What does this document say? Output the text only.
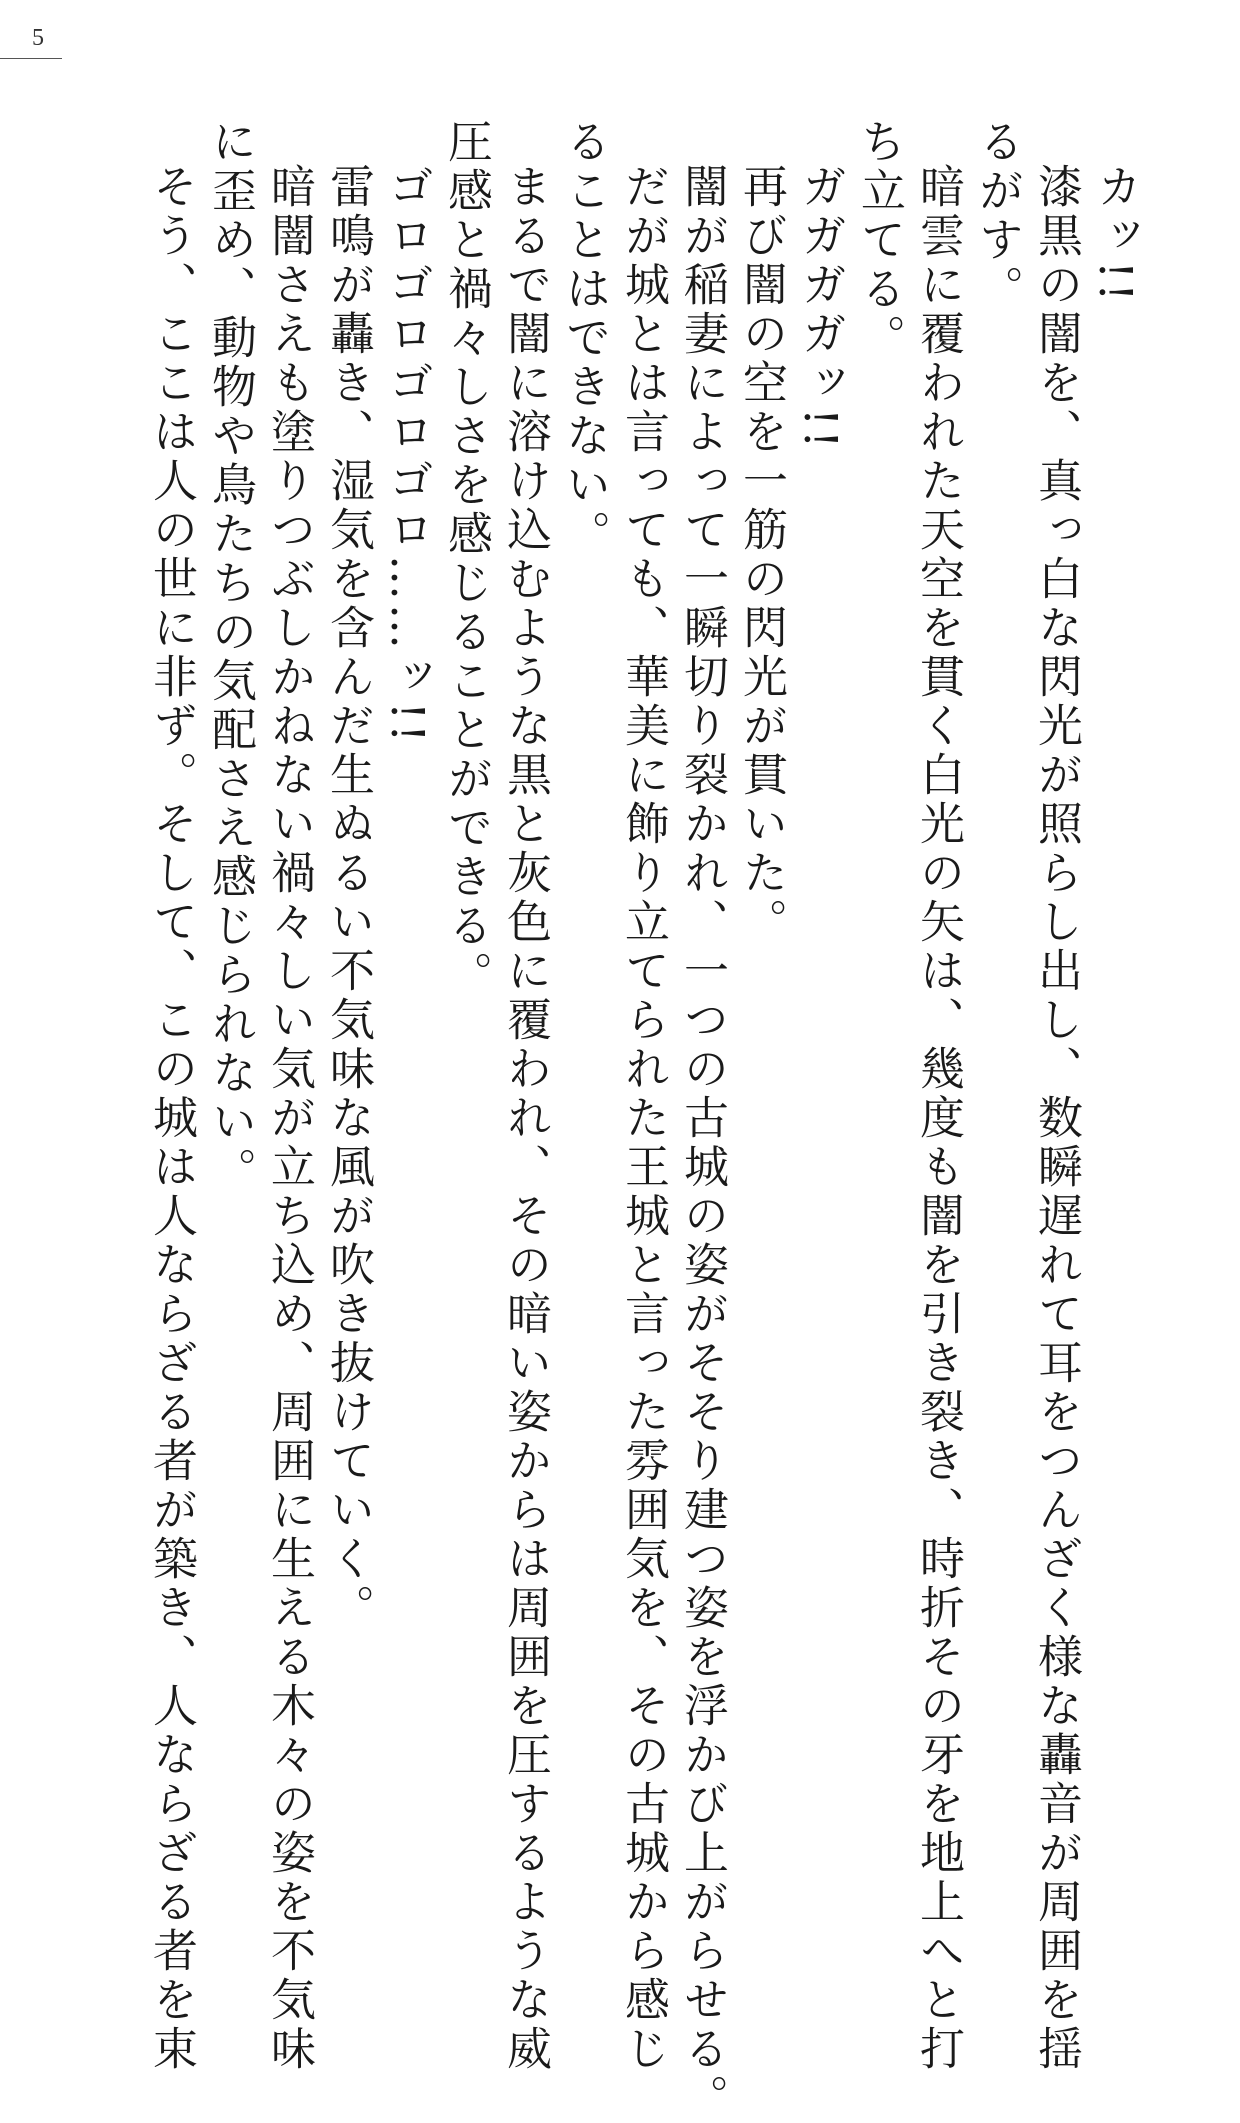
5
カッ!!
漆黒の闇を、真っ白な閃光が照らし出し、数瞬遅れて耳をつんざく様な轟音が周囲を揺
るがす。
暗雲に覆われた天空を貫く白光の矢は、幾度も闇を引き裂き、時折その牙を地上へと打
ち立てる。
ガガガガッ!!
再び闇の空を一筋の閃光が貫いた。
闇が稲妻によって一瞬切り裂かれ、一つの古城の姿がそそり建つ姿を浮かび上がらせる。
だが城とは言っても、華美に飾り立てられた王城と言った雰囲気を、その古城から感じ
ることはできない。
まるで闇に溶け込むような黒と灰色に覆われ、その暗い姿からは周囲を圧するような威
圧感と禍々しさを感じることができる。
ゴロゴロゴロゴロ……ッ!!
雷鳴が轟き、湿気を含んだ生ぬるい不気味な風が吹き抜けていく。
暗闇さえも塗りつぶしかねない禍々しい気が立ち込め、周囲に生える木々の姿を不気味
に歪め、動物や鳥たちの気配さえ感じられない。
そう、ここは人の世に非ず。そして、この城は人ならざる者が築き、人ならざる者を束
